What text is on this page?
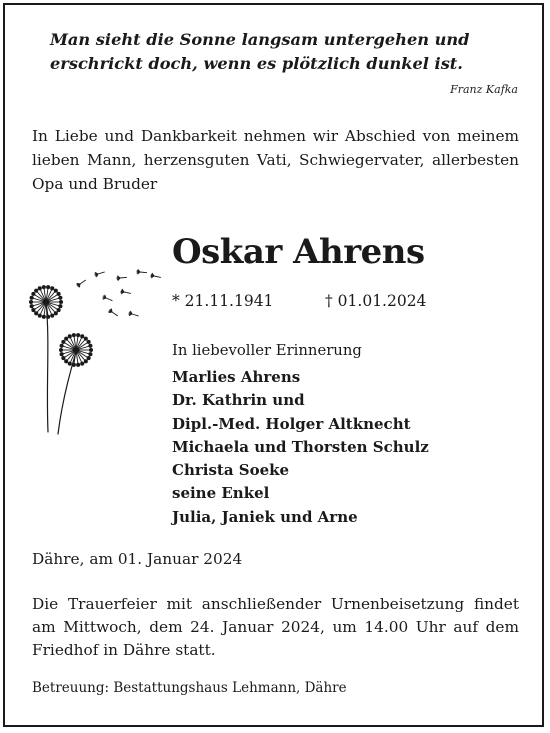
Man sieht die Sonne langsam untergehen und
erschrickt doch, wenn es plötzlich dunkel ist.
Franz Kafka
In Liebe und Dankbarkeit nehmen wir Abschied von meinem lieben Mann, herzensguten Vati, Schwiegervater, allerbesten Opa und Bruder
Oskar Ahrens
* 21.11.1941	† 01.01.2024
In liebevoller Erinnerung
Marlies Ahrens
Dr. Kathrin und
Dipl.-Med. Holger Altknecht
Michaela und Thorsten Schulz
Christa Soeke
seine Enkel
Julia, Janiek und Arne
Dähre, am 01. Januar 2024
Die Trauerfeier mit anschließender Urnenbeisetzung findet am Mittwoch, dem 24. Januar 2024, um 14.00 Uhr auf dem Friedhof in Dähre statt.
Betreuung: Bestattungshaus Lehmann, Dähre
